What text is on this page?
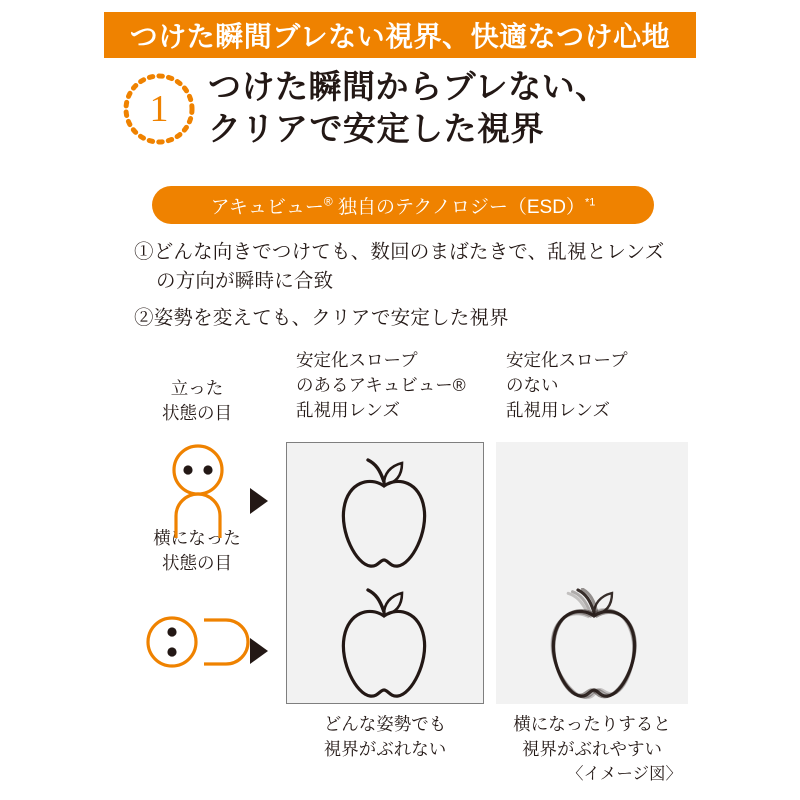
つけた瞬間ブレない視界、快適なつけ心地
1
つけた瞬間からブレない、
クリアで安定した視界
アキュビュー® 独自のテクノロジー（ESD）$^{*1}$
①どんな向きでつけても、数回のまばたきで、乱視とレンズ
の方向が瞬時に合致
②姿勢を変えても、クリアで安定した視界
安定化スロープ
のあるアキュビュー®
乱視用レンズ
安定化スロープ
のない
乱視用レンズ
立った
状態の目
横になった
状態の目
どんな姿勢でも
視界がぶれない
横になったりすると
視界がぶれやすい
〈イメージ図〉
